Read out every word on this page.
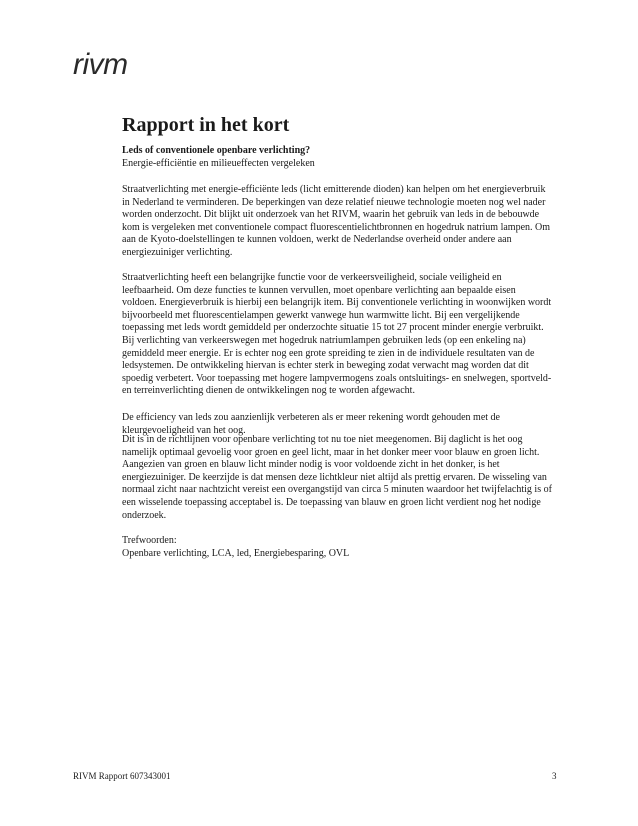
rivm
Rapport in het kort
Leds of conventionele openbare verlichting?
Energie-efficiëntie en milieueffecten vergeleken

Straatverlichting met energie-efficiënte leds (licht emitterende dioden) kan helpen om het energieverbruik in Nederland te verminderen. De beperkingen van deze relatief nieuwe technologie moeten nog wel nader worden onderzocht. Dit blijkt uit onderzoek van het RIVM, waarin het gebruik van leds in de bebouwde kom is vergeleken met conventionele compact fluorescentielichtbronnen en hogedruk natrium lampen. Om aan de Kyoto-doelstellingen te kunnen voldoen, werkt de Nederlandse overheid onder andere aan energiezuiniger verlichting.

Straatverlichting heeft een belangrijke functie voor de verkeersveiligheid, sociale veiligheid en leefbaarheid. Om deze functies te kunnen vervullen, moet openbare verlichting aan bepaalde eisen voldoen. Energieverbruik is hierbij een belangrijk item. Bij conventionele verlichting in woonwijken wordt bijvoorbeeld met fluorescentielampen gewerkt vanwege hun warmwitte licht. Bij een vergelijkende toepassing met leds wordt gemiddeld per onderzochte situatie 15 tot 27 procent minder energie verbruikt. Bij verlichting van verkeerswegen met hogedruk natriumlampen gebruiken leds (op een enkeling na) gemiddeld meer energie. Er is echter nog een grote spreiding te zien in de individuele resultaten van de ledsystemen. De ontwikkeling hiervan is echter sterk in beweging zodat verwacht mag worden dat dit spoedig verbetert. Voor toepassing met hogere lampvermogens zoals ontsluitings- en snelwegen, sportveld- en terreinverlichting dienen de ontwikkelingen nog te worden afgewacht.

De efficiency van leds zou aanzienlijk verbeteren als er meer rekening wordt gehouden met de kleurgevoeligheid van het oog.

Dit is in de richtlijnen voor openbare verlichting tot nu toe niet meegenomen. Bij daglicht is het oog namelijk optimaal gevoelig voor groen en geel licht, maar in het donker meer voor blauw en groen licht. Aangezien van groen en blauw licht minder nodig is voor voldoende zicht in het donker, is het energiezuiniger. De keerzijde is dat mensen deze lichtkleur niet altijd als prettig ervaren. De wisseling van normaal zicht naar nachtzicht vereist een overgangstijd van circa 5 minuten waardoor het twijfelachtig is of een wisselende toepassing acceptabel is. De toepassing van blauw en groen licht verdient nog het nodige onderzoek.

Trefwoorden:

Openbare verlichting, LCA, led, Energiebesparing, OVL

RIVM Rapport 607343001	3
